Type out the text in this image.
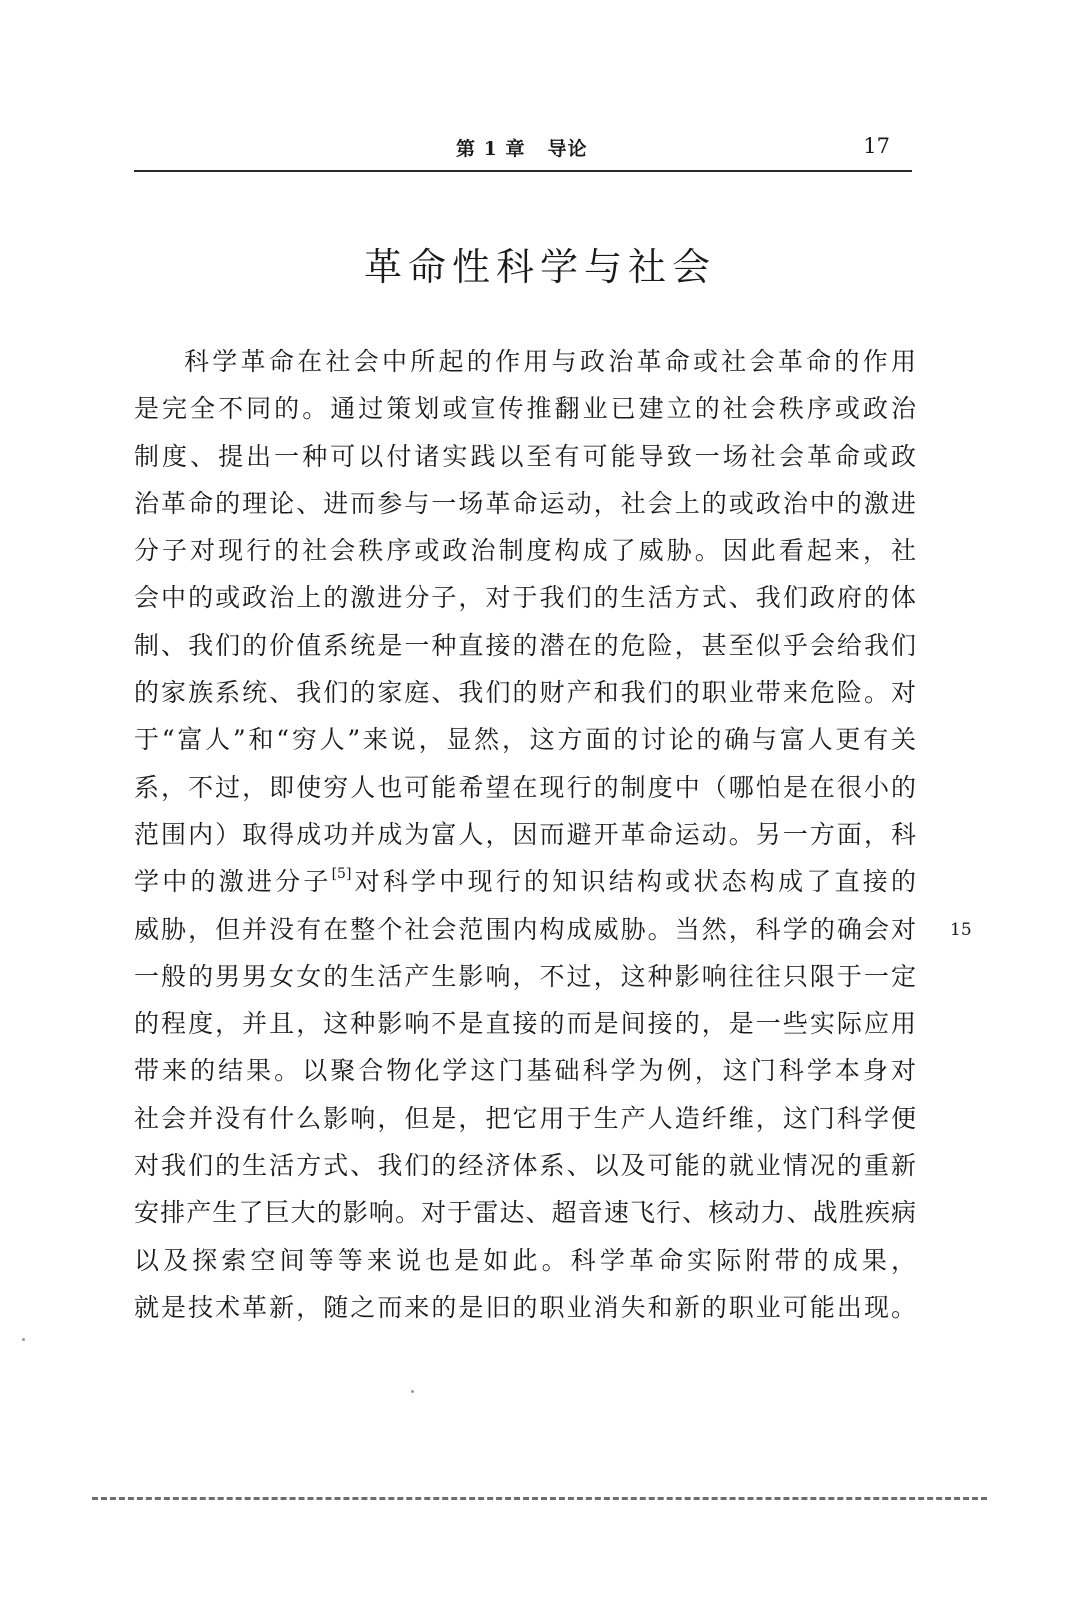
第 1 章 导论	17
革命性科学与社会
科学革命在社会中所起的作用与政治革命或社会革命的作用
是完全不同的。通过策划或宣传推翻业已建立的社会秩序或政治
制度、提出一种可以付诸实践以至有可能导致一场社会革命或政
治革命的理论、进而参与一场革命运动，社会上的或政治中的激进
分子对现行的社会秩序或政治制度构成了威胁。因此看起来，社
会中的或政治上的激进分子，对于我们的生活方式、我们政府的体
制、我们的价值系统是一种直接的潜在的危险，甚至似乎会给我们
的家族系统、我们的家庭、我们的财产和我们的职业带来危险。对
于“富人”和“穷人”来说，显然，这方面的讨论的确与富人更有关
系，不过，即使穷人也可能希望在现行的制度中（哪怕是在很小的
范围内）取得成功并成为富人，因而避开革命运动。另一方面，科
学中的激进分子[5]对科学中现行的知识结构或状态构成了直接的
威胁，但并没有在整个社会范围内构成威胁。当然，科学的确会对
一般的男男女女的生活产生影响，不过，这种影响往往只限于一定
的程度，并且，这种影响不是直接的而是间接的，是一些实际应用
带来的结果。以聚合物化学这门基础科学为例，这门科学本身对
社会并没有什么影响，但是，把它用于生产人造纤维，这门科学便
对我们的生活方式、我们的经济体系、以及可能的就业情况的重新
安排产生了巨大的影响。对于雷达、超音速飞行、核动力、战胜疾病
以及探索空间等等来说也是如此。科学革命实际附带的成果，
就是技术革新，随之而来的是旧的职业消失和新的职业可能出现。
15
